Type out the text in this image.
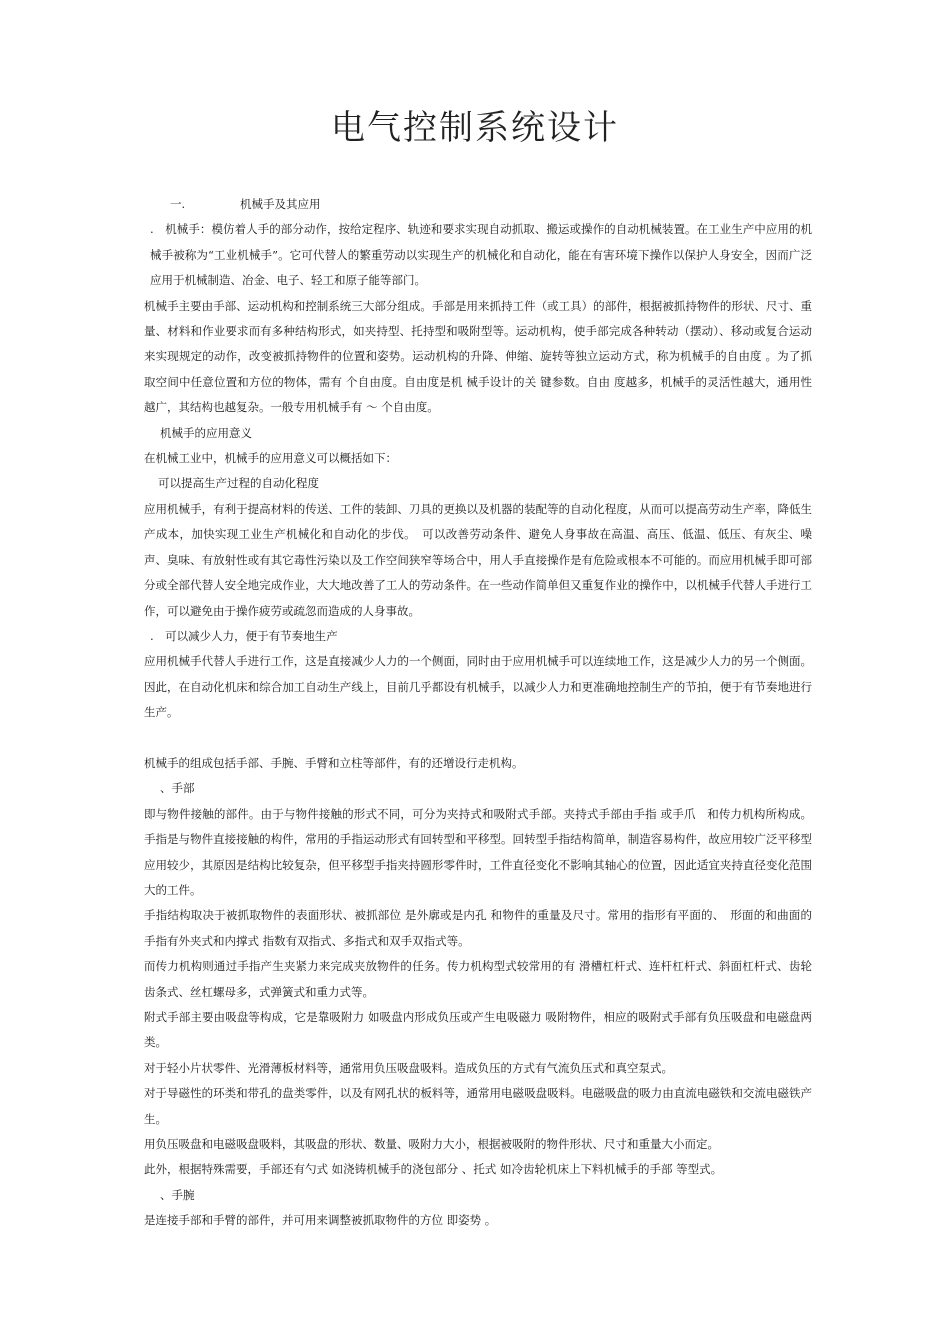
电气控制系统设计

一.	机械手及其应用

.　机械手：模仿着人手的部分动作，按给定程序、轨迹和要求实现自动抓取、搬运或操作的自动机械装置。在工业生产中应用的机械手被称为“工业机械手”。它可代替人的繁重劳动以实现生产的机械化和自动化，能在有害环境下操作以保护人身安全，因而广泛应用于机械制造、冶金、电子、轻工和原子能等部门。

机械手主要由手部、运动机构和控制系统三大部分组成。手部是用来抓持工件（或工具）的部件，根据被抓持物件的形状、尺寸、重量、材料和作业要求而有多种结构形式，如夹持型、托持型和吸附型等。运动机构，使手部完成各种转动（摆动）、移动或复合运动来实现规定的动作，改变被抓持物件的位置和姿势。运动机构的升降、伸缩、旋转等独立运动方式，称为机械手的自由度 。为了抓取空间中任意位置和方位的物体，需有 个自由度。自由度是机 械手设计的关 键参数。自由 度越多，机械手的灵活性越大，通用性越广，其结构也越复杂。一般专用机械手有 ～ 个自由度。

机械手的应用意义

在机械工业中，机械手的应用意义可以概括如下：

可以提高生产过程的自动化程度

应用机械手，有利于提高材料的传送、工件的装卸、刀具的更换以及机器的装配等的自动化程度，从而可以提高劳动生产率，降低生产成本，加快实现工业生产机械化和自动化的步伐。　可以改善劳动条件、避免人身事故在高温、高压、低温、低压、有灰尘、噪声、臭味、有放射性或有其它毒性污染以及工作空间狭窄等场合中，用人手直接操作是有危险或根本不可能的。而应用机械手即可部分或全部代替人安全地完成作业，大大地改善了工人的劳动条件。在一些动作简单但又重复作业的操作中，以机械手代替人手进行工作，可以避免由于操作疲劳或疏忽而造成的人身事故。

.　可以减少人力，便于有节奏地生产

应用机械手代替人手进行工作，这是直接减少人力的一个侧面，同时由于应用机械手可以连续地工作，这是减少人力的另一个侧面。因此，在自动化机床和综合加工自动生产线上，目前几乎都设有机械手，以减少人力和更准确地控制生产的节拍，便于有节奏地进行生产。

机械手的组成包括手部、手腕、手臂和立柱等部件，有的还增设行走机构。

、手部

即与物件接触的部件。由于与物件接触的形式不同，可分为夹持式和吸附式手部。夹持式手部由手指 或手爪　和传力机构所构成。手指是与物件直接接触的构件，常用的手指运动形式有回转型和平移型。回转型手指结构简单，制造容易构件，故应用较广泛平移型应用较少，其原因是结构比较复杂，但平移型手指夹持圆形零件时，工件直径变化不影响其轴心的位置，因此适宜夹持直径变化范围大的工件。

手指结构取决于被抓取物件的表面形状、被抓部位 是外廓或是内孔 和物件的重量及尺寸。常用的指形有平面的、　形面的和曲面的 手指有外夹式和内撑式 指数有双指式、多指式和双手双指式等。

而传力机构则通过手指产生夹紧力来完成夹放物件的任务。传力机构型式较常用的有 滑槽杠杆式、连杆杠杆式、斜面杠杆式、齿轮齿条式、丝杠螺母多，式弹簧式和重力式等。

附式手部主要由吸盘等构成，它是靠吸附力 如吸盘内形成负压或产生电吸磁力 吸附物件，相应的吸附式手部有负压吸盘和电磁盘两类。

对于轻小片状零件、光滑薄板材料等，通常用负压吸盘吸料。造成负压的方式有气流负压式和真空泵式。

对于导磁性的环类和带孔的盘类零件，以及有网孔状的板料等，通常用电磁吸盘吸料。电磁吸盘的吸力由直流电磁铁和交流电磁铁产生。

用负压吸盘和电磁吸盘吸料，其吸盘的形状、数量、吸附力大小，根据被吸附的物件形状、尺寸和重量大小而定。

此外，根据特殊需要，手部还有勺式 如浇铸机械手的浇包部分 、托式 如冷齿轮机床上下料机械手的手部 等型式。

、手腕

是连接手部和手臂的部件，并可用来调整被抓取物件的方位 即姿势 。
